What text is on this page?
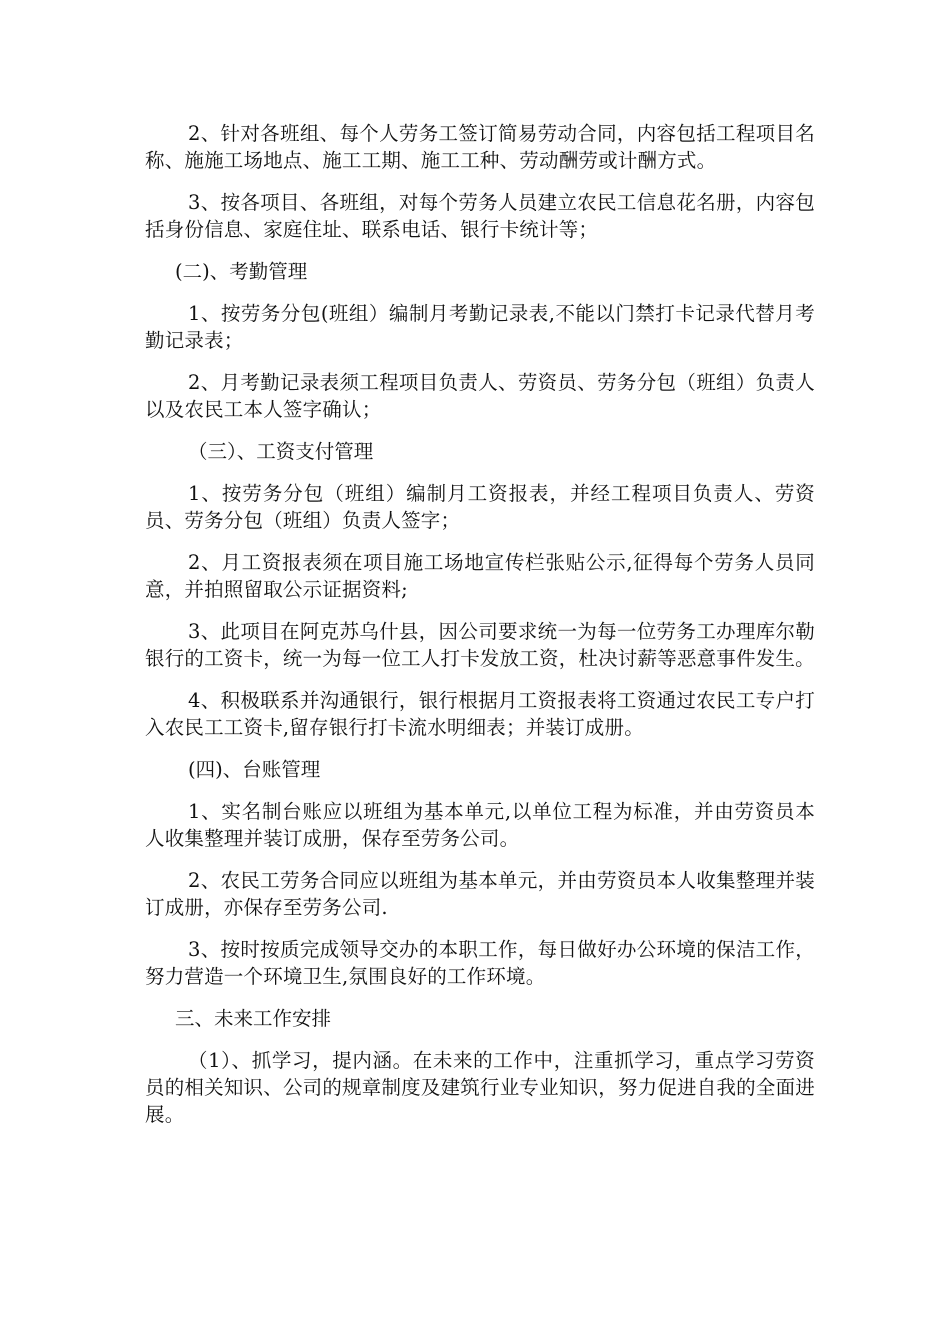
2、针对各班组、每个人劳务工签订简易劳动合同，内容包括工程项目名称、施施工场地点、施工工期、施工工种、劳动酬劳或计酬方式。

3、按各项目、各班组，对每个劳务人员建立农民工信息花名册，内容包括身份信息、家庭住址、联系电话、银行卡统计等；

(二)、考勤管理

1、按劳务分包(班组）编制月考勤记录表,不能以门禁打卡记录代替月考勤记录表；

2、月考勤记录表须工程项目负责人、劳资员、劳务分包（班组）负责人以及农民工本人签字确认；

（三）、工资支付管理

1、按劳务分包（班组）编制月工资报表，并经工程项目负责人、劳资员、劳务分包（班组）负责人签字；

2、月工资报表须在项目施工场地宣传栏张贴公示,征得每个劳务人员同意，并拍照留取公示证据资料;

3、此项目在阿克苏乌什县，因公司要求统一为每一位劳务工办理库尔勒银行的工资卡，统一为每一位工人打卡发放工资，杜决讨薪等恶意事件发生。

4、积极联系并沟通银行，银行根据月工资报表将工资通过农民工专户打入农民工工资卡,留存银行打卡流水明细表；并装订成册。

(四)、台账管理

1、实名制台账应以班组为基本单元,以单位工程为标准，并由劳资员本人收集整理并装订成册，保存至劳务公司。

2、农民工劳务合同应以班组为基本单元，并由劳资员本人收集整理并装订成册，亦保存至劳务公司.

3、按时按质完成领导交办的本职工作，每日做好办公环境的保洁工作，努力营造一个环境卫生,氛围良好的工作环境。

三、未来工作安排

（1）、抓学习，提内涵。在未来的工作中，注重抓学习，重点学习劳资员的相关知识、公司的规章制度及建筑行业专业知识，努力促进自我的全面进展。
